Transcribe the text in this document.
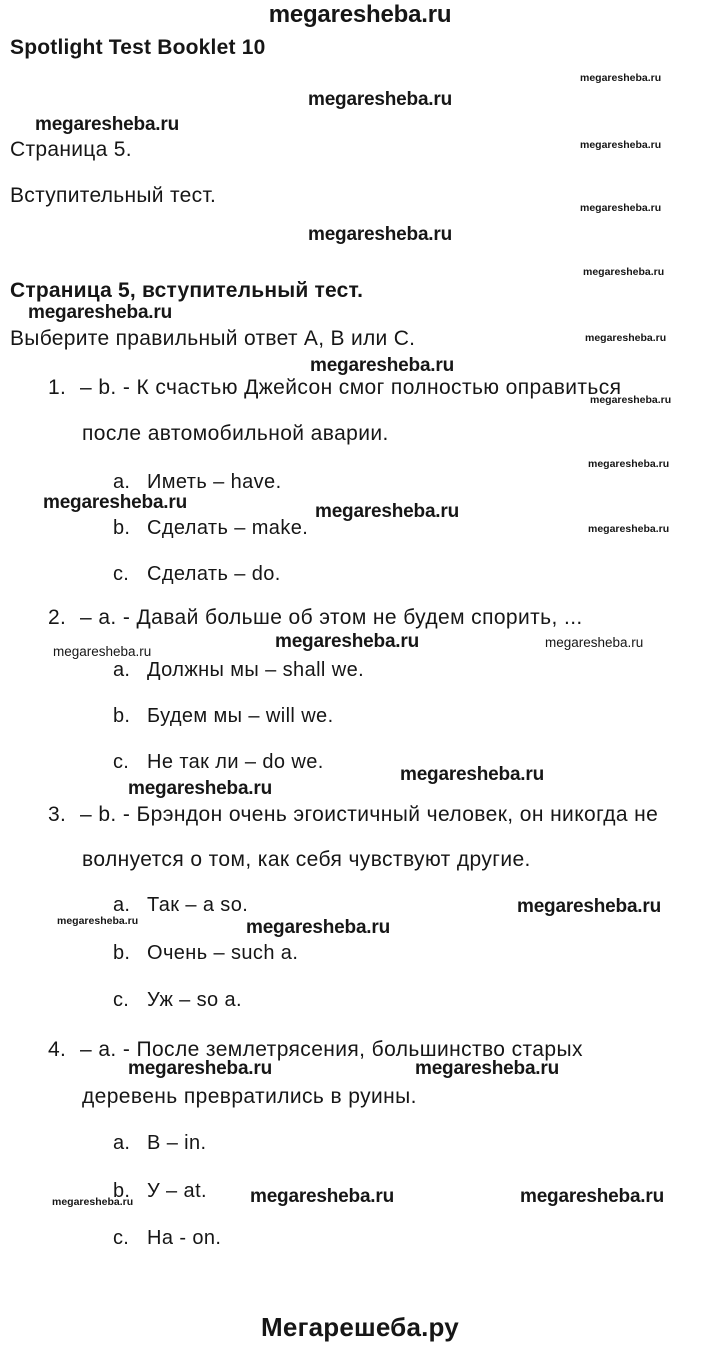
megaresheba.ru
Spotlight Test Booklet 10
megaresheba.ru
megaresheba.ru
megaresheba.ru
Страница 5.	megaresheba.ru
Вступительный тест.
megaresheba.ru
megaresheba.ru
megaresheba.ru
Страница 5, вступительный тест.
megaresheba.ru
Выберите правильный ответ А, В или С.	megaresheba.ru
megaresheba.ru
1. – b. - К счастью Джейсон смог полностью оправиться
megaresheba.ru
после автомобильной аварии.
megaresheba.ru
a. Иметь – have.
megaresheba.ru	megaresheba.ru
b. Сделать – make.	megaresheba.ru
c. Сделать – do.
2. – a. - Давай больше об этом не будем спорить, ...
megaresheba.ru	megaresheba.ru
megaresheba.ru
a. Должны мы – shall we.
b. Будем мы – will we.
c. Не так ли – do we.
megaresheba.ru
megaresheba.ru
3. – b. - Брэндон очень эгоистичный человек, он никогда не
волнуется о том, как себя чувствуют другие.
a. Так – a so.	megaresheba.ru
megaresheba.ru	megaresheba.ru
b. Очень – such a.
c. Уж – so a.
4. – a. - После землетрясения, большинство старых
megaresheba.ru	megaresheba.ru
деревень превратились в руины.
a. В – in.
b. У – at. megaresheba.ru	megaresheba.ru
megaresheba.ru
c. На - on.
Мегарешеба.ру
